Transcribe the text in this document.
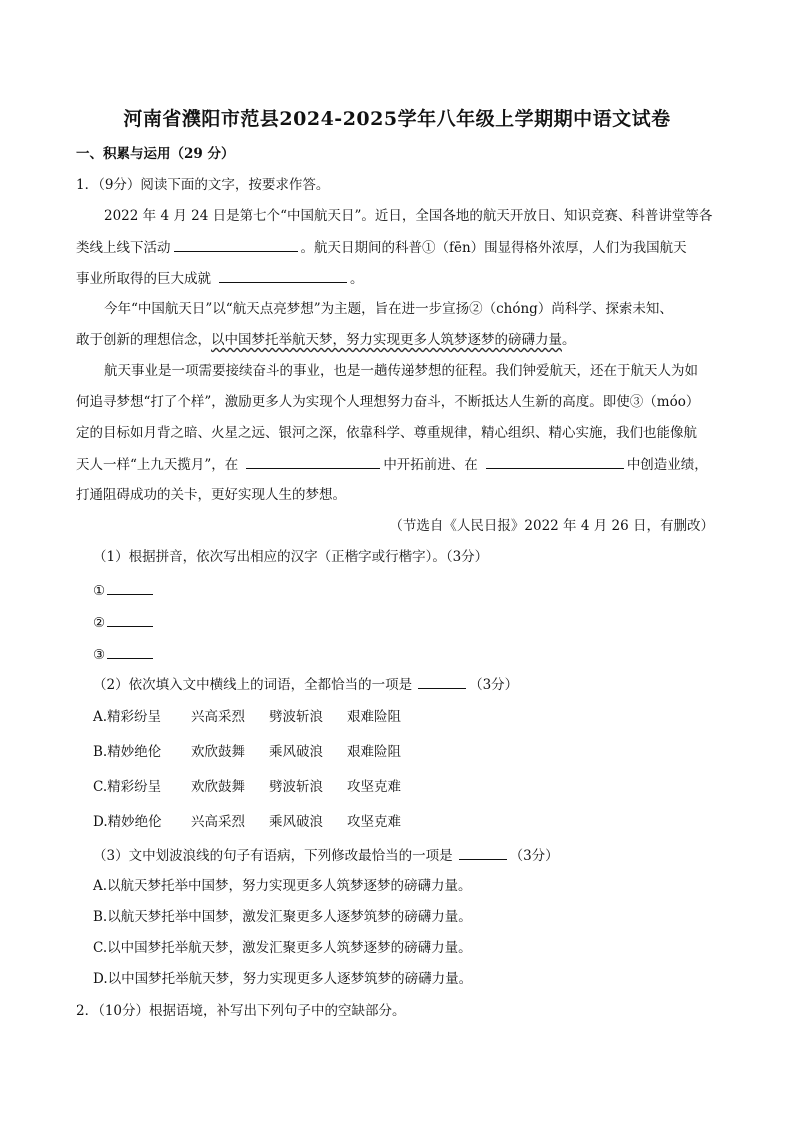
河南省濮阳市范县2024-2025学年八年级上学期期中语文试卷
一、积累与运用（29 分）
1．（9分）阅读下面的文字，按要求作答。
2022 年 4 月 24 日是第七个“中国航天日”。近日，全国各地的航天开放日、知识竞赛、科普讲堂等各
类线上线下活动	。航天日期间的科普①（fēn）围显得格外浓厚，人们为我国航天
事业所取得的巨大成就	。
今年“中国航天日”以“航天点亮梦想”为主题，旨在进一步宣扬②（chóng）尚科学、探索未知、
敢于创新的理想信念，以中国梦托举航天梦，努力实现更多人筑梦逐梦的磅礴力量。
航天事业是一项需要接续奋斗的事业，也是一趟传递梦想的征程。我们钟爱航天，还在于航天人为如
何追寻梦想“打了个样”，激励更多人为实现个人理想努力奋斗，不断抵达人生新的高度。即使③（móo）
定的目标如月背之暗、火星之远、银河之深，依靠科学、尊重规律，精心组织、精心实施，我们也能像航
天人一样“上九天揽月”，在	中开拓前进、在	中创造业绩，
打通阻碍成功的关卡，更好实现人生的梦想。
（节选自《人民日报》2022 年 4 月 26 日，有删改）
（1）根据拼音，依次写出相应的汉字（正楷字或行楷字）。（3分）
①
②
③
（2）依次填入文中横线上的词语，全都恰当的一项是	（3分）
A.精彩纷呈 兴高采烈 劈波斩浪 艰难险阻
B.精妙绝伦 欢欣鼓舞 乘风破浪 艰难险阻
C.精彩纷呈 欢欣鼓舞 劈波斩浪 攻坚克难
D.精妙绝伦 兴高采烈 乘风破浪 攻坚克难
（3）文中划波浪线的句子有语病，下列修改最恰当的一项是	（3分）
A.以航天梦托举中国梦，努力实现更多人筑梦逐梦的磅礴力量。
B.以航天梦托举中国梦，激发汇聚更多人逐梦筑梦的磅礴力量。
C.以中国梦托举航天梦，激发汇聚更多人筑梦逐梦的磅礴力量。
D.以中国梦托举航天梦，努力实现更多人逐梦筑梦的磅礴力量。
2．（10分）根据语境，补写出下列句子中的空缺部分。
